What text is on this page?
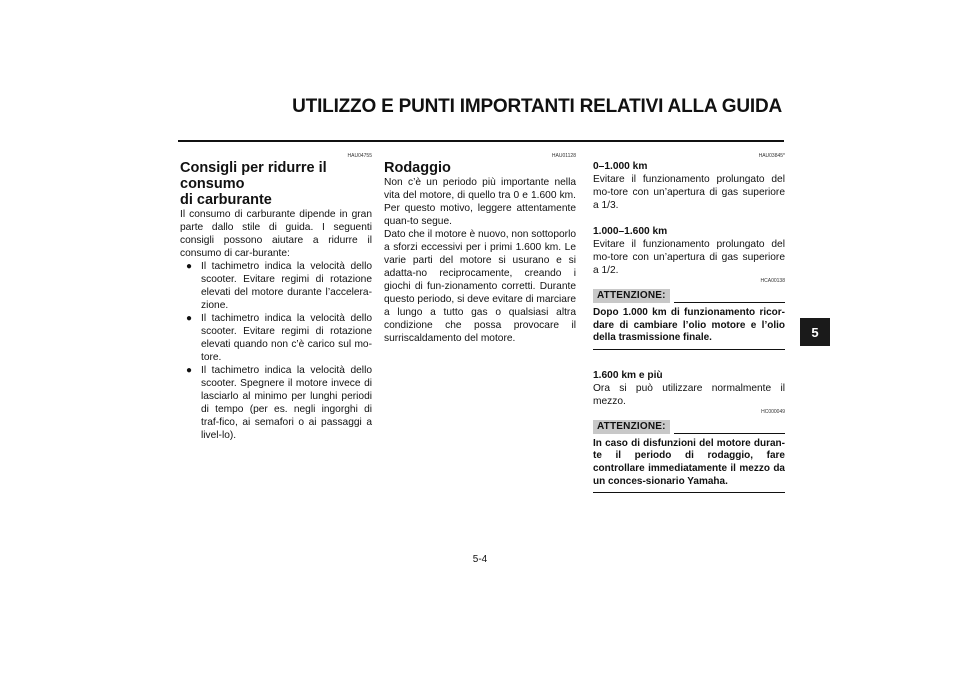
UTILIZZO E PUNTI IMPORTANTI RELATIVI ALLA GUIDA
5
HAU04755
Consigli per ridurre il consumo
di carburante

Il consumo di carburante dipende in gran parte dallo stile di guida. I seguenti consigli possono aiutare a ridurre il consumo di car-burante:

● Il tachimetro indica la velocità dello scooter. Evitare regimi di rotazione elevati del motore durante l’accelera-zione.
● Il tachimetro indica la velocità dello scooter. Evitare regimi di rotazione elevati quando non c’è carico sul mo-tore.
● Il tachimetro indica la velocità dello scooter. Spegnere il motore invece di lasciarlo al minimo per lunghi periodi di tempo (per es. negli ingorghi di traf-fico, ai semafori o ai passaggi a livel-lo).
HAU01128
Rodaggio

Non c’è un periodo più importante nella vita del motore, di quello tra 0 e 1.600 km. Per questo motivo, leggere attentamente quan-to segue.

Dato che il motore è nuovo, non sottoporlo a sforzi eccessivi per i primi 1.600 km. Le varie parti del motore si usurano e si adatta-no reciprocamente, creando i giochi di fun-zionamento corretti. Durante questo periodo, si deve evitare di marciare a lungo a tutto gas o qualsiasi altra condizione che possa provocare il surriscaldamento del motore.

HAU03845*
0–1.000 km

Evitare il funzionamento prolungato del mo-tore con un’apertura di gas superiore a 1/3.

1.000–1.600 km

Evitare il funzionamento prolungato del mo-tore con un’apertura di gas superiore a 1/2.

HCA00138
ATTENZIONE:

Dopo 1.000 km di funzionamento ricor-dare di cambiare l’olio motore e l’olio della trasmissione finale.

1.600 km e più

Ora si può utilizzare normalmente il mezzo.

HC000049
ATTENZIONE:

In caso di disfunzioni del motore duran-te il periodo di rodaggio, fare controllare immediatamente il mezzo da un conces-sionario Yamaha.

5-4
